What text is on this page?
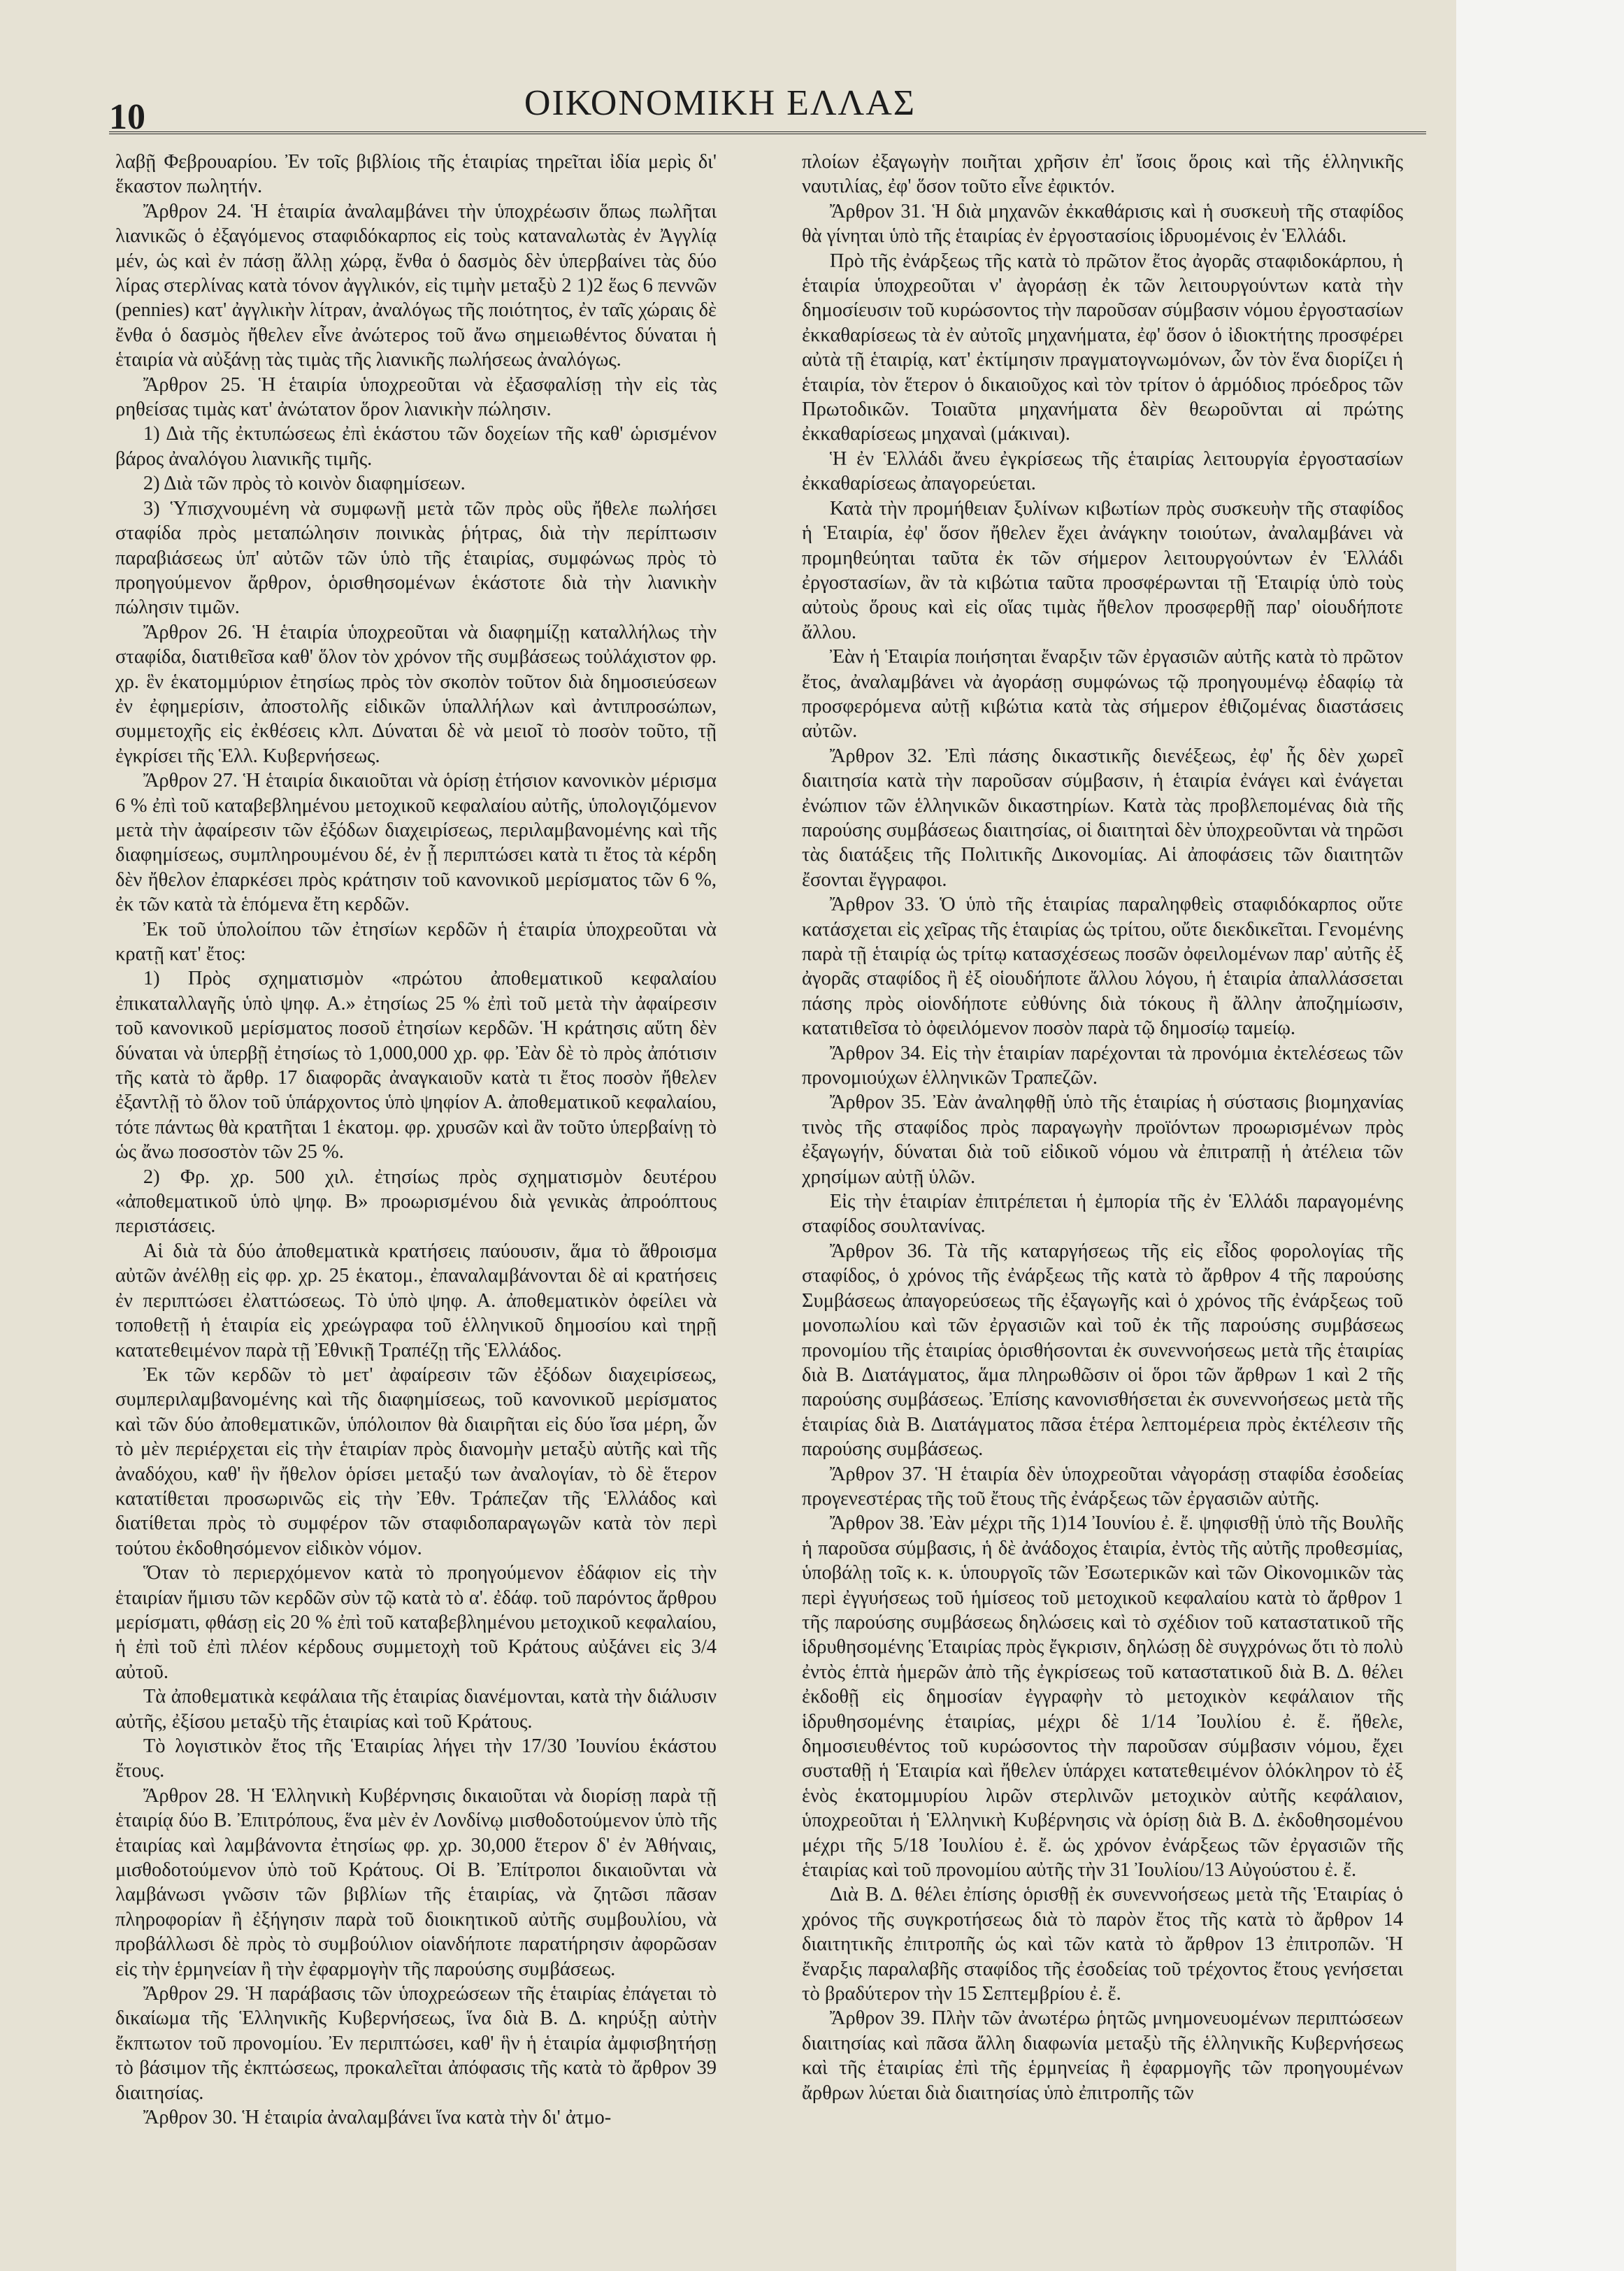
10	ΟΙΚΟΝΟΜΙΚΗ ΕΛΛΑΣ

λαβῇ Φεβρουαρίου. Ἐν τοῖς βιβλίοις τῆς ἑταιρίας τηρεῖται ἰδία μερὶς δι' ἕκαστον πωλητήν.

Ἄρθρον 24. Ἡ ἑταιρία ἀναλαμβάνει τὴν ὑποχρέωσιν ὅπως πωλῆται λιανικῶς ὁ ἐξαγόμενος σταφιδόκαρπος εἰς τοὺς καταναλωτὰς ἐν Ἀγγλίᾳ μέν, ὡς καὶ ἐν πάσῃ ἄλλῃ χώρᾳ, ἔνθα ὁ δασμὸς δὲν ὑπερβαίνει τὰς δύο λίρας στερλίνας κατὰ τόνον ἀγγλικόν, εἰς τιμὴν μεταξὺ 2 1)2 ἕως 6 πεννῶν (pennies) κατ' ἀγγλικὴν λίτραν, ἀναλόγως τῆς ποιότητος, ἐν ταῖς χώραις δὲ ἔνθα ὁ δασμὸς ἤθελεν εἶνε ἀνώτερος τοῦ ἄνω σημειωθέντος δύναται ἡ ἑταιρία νὰ αὐξάνῃ τὰς τιμὰς τῆς λιανικῆς πωλήσεως ἀναλόγως.

Ἄρθρον 25. Ἡ ἑταιρία ὑποχρεοῦται νὰ ἐξασφαλίσῃ τὴν εἰς τὰς ρηθείσας τιμὰς κατ' ἀνώτατον ὅρον λιανικὴν πώλησιν.

1) Διὰ τῆς ἐκτυπώσεως ἐπὶ ἑκάστου τῶν δοχείων τῆς καθ' ὡρισμένον βάρος ἀναλόγου λιανικῆς τιμῆς.

2) Διὰ τῶν πρὸς τὸ κοινὸν διαφημίσεων.

3) Ὑπισχνουμένη νὰ συμφωνῇ μετὰ τῶν πρὸς οὓς ἤθελε πωλήσει σταφίδα πρὸς μεταπώλησιν ποινικὰς ῥήτρας, διὰ τὴν περίπτωσιν παραβιάσεως ὑπ' αὐτῶν τῶν ὑπὸ τῆς ἑταιρίας, συμφώνως πρὸς τὸ προηγούμενον ἄρθρον, ὁρισθησομένων ἑκάστοτε διὰ τὴν λιανικὴν πώλησιν τιμῶν.

Ἄρθρον 26. Ἡ ἑταιρία ὑποχρεοῦται νὰ διαφημίζῃ καταλλήλως τὴν σταφίδα, διατιθεῖσα καθ' ὅλον τὸν χρόνον τῆς συμβάσεως τοὐλάχιστον φρ. χρ. ἓν ἑκατομμύριον ἐτησίως πρὸς τὸν σκοπὸν τοῦτον διὰ δημοσιεύσεων ἐν ἐφημερίσιν, ἀποστολῆς εἰδικῶν ὑπαλλήλων καὶ ἀντιπροσώπων, συμμετοχῆς εἰς ἐκθέσεις κλπ. Δύναται δὲ νὰ μειοῖ τὸ ποσὸν τοῦτο, τῇ ἐγκρίσει τῆς Ἑλλ. Κυβερνήσεως.

Ἄρθρον 27. Ἡ ἑταιρία δικαιοῦται νὰ ὁρίσῃ ἐτήσιον κανονικὸν μέρισμα 6 % ἐπὶ τοῦ καταβεβλημένου μετοχικοῦ κεφαλαίου αὐτῆς, ὑπολογιζόμενον μετὰ τὴν ἀφαίρεσιν τῶν ἐξόδων διαχειρίσεως, περιλαμβανομένης καὶ τῆς διαφημίσεως, συμπληρουμένου δέ, ἐν ᾗ περιπτώσει κατὰ τι ἔτος τὰ κέρδη δὲν ἤθελον ἐπαρκέσει πρὸς κράτησιν τοῦ κανονικοῦ μερίσματος τῶν 6 %, ἐκ τῶν κατὰ τὰ ἑπόμενα ἔτη κερδῶν.

Ἐκ τοῦ ὑπολοίπου τῶν ἐτησίων κερδῶν ἡ ἑταιρία ὑποχρεοῦται νὰ κρατῇ κατ' ἔτος:

1) Πρὸς σχηματισμὸν «πρώτου ἀποθεματικοῦ κεφαλαίου ἐπικαταλλαγῆς ὑπὸ ψηφ. Α.» ἐτησίως 25 % ἐπὶ τοῦ μετὰ τὴν ἀφαίρεσιν τοῦ κανονικοῦ μερίσματος ποσοῦ ἐτησίων κερδῶν. Ἡ κράτησις αὕτη δὲν δύναται νὰ ὑπερβῇ ἐτησίως τὸ 1,000,000 χρ. φρ. Ἐὰν δὲ τὸ πρὸς ἀπότισιν τῆς κατὰ τὸ ἄρθρ. 17 διαφορᾶς ἀναγκαιοῦν κατὰ τι ἔτος ποσὸν ἤθελεν ἐξαντλῇ τὸ ὅλον τοῦ ὑπάρχοντος ὑπὸ ψηφίον Α. ἀποθεματικοῦ κεφαλαίου, τότε πάντως θὰ κρατῆται 1 ἑκατομ. φρ. χρυσῶν καὶ ἂν τοῦτο ὑπερβαίνῃ τὸ ὡς ἄνω ποσοστὸν τῶν 25 %.

2) Φρ. χρ. 500 χιλ. ἐτησίως πρὸς σχηματισμὸν δευτέρου «ἀποθεματικοῦ ὑπὸ ψηφ. Β» προωρισμένου διὰ γενικὰς ἀπροόπτους περιστάσεις.

Αἱ διὰ τὰ δύο ἀποθεματικὰ κρατήσεις παύουσιν, ἅμα τὸ ἄθροισμα αὐτῶν ἀνέλθῃ εἰς φρ. χρ. 25 ἑκατομ., ἐπαναλαμβάνονται δὲ αἱ κρατήσεις ἐν περιπτώσει ἐλαττώσεως. Τὸ ὑπὸ ψηφ. Α. ἀποθεματικὸν ὀφείλει νὰ τοποθετῇ ἡ ἑταιρία εἰς χρεώγραφα τοῦ ἑλληνικοῦ δημοσίου καὶ τηρῇ κατατεθειμένον παρὰ τῇ Ἐθνικῇ Τραπέζῃ τῆς Ἑλλάδος.

Ἐκ τῶν κερδῶν τὸ μετ' ἀφαίρεσιν τῶν ἐξόδων διαχειρίσεως, συμπεριλαμβανομένης καὶ τῆς διαφημίσεως, τοῦ κανονικοῦ μερίσματος καὶ τῶν δύο ἀποθεματικῶν, ὑπόλοιπον θὰ διαιρῆται εἰς δύο ἴσα μέρη, ὧν τὸ μὲν περιέρχεται εἰς τὴν ἑταιρίαν πρὸς διανομὴν μεταξὺ αὐτῆς καὶ τῆς ἀναδόχου, καθ' ἣν ἤθελον ὁρίσει μεταξύ των ἀναλογίαν, τὸ δὲ ἕτερον κατατίθεται προσωρινῶς εἰς τὴν Ἐθν. Τράπεζαν τῆς Ἑλλάδος καὶ διατίθεται πρὸς τὸ συμφέρον τῶν σταφιδοπαραγωγῶν κατὰ τὸν περὶ τούτου ἐκδοθησόμενον εἰδικὸν νόμον.

Ὅταν τὸ περιερχόμενον κατὰ τὸ προηγούμενον ἐδάφιον εἰς τὴν ἑταιρίαν ἥμισυ τῶν κερδῶν σὺν τῷ κατὰ τὸ α'. ἐδάφ. τοῦ παρόντος ἄρθρου μερίσματι, φθάσῃ εἰς 20 % ἐπὶ τοῦ καταβεβλημένου μετοχικοῦ κεφαλαίου, ἡ ἐπὶ τοῦ ἐπὶ πλέον κέρδους συμμετοχὴ τοῦ Κράτους αὐξάνει εἰς 3/4 αὐτοῦ.

Τὰ ἀποθεματικὰ κεφάλαια τῆς ἑταιρίας διανέμονται, κατὰ τὴν διάλυσιν αὐτῆς, ἐξίσου μεταξὺ τῆς ἑταιρίας καὶ τοῦ Κράτους.

Τὸ λογιστικὸν ἔτος τῆς Ἑταιρίας λήγει τὴν 17/30 Ἰουνίου ἑκάστου ἔτους.

Ἄρθρον 28. Ἡ Ἑλληνικὴ Κυβέρνησις δικαιοῦται νὰ διορίσῃ παρὰ τῇ ἑταιρίᾳ δύο Β. Ἐπιτρόπους, ἕνα μὲν ἐν Λονδίνῳ μισθοδοτούμενον ὑπὸ τῆς ἑταιρίας καὶ λαμβάνοντα ἐτησίως φρ. χρ. 30,000 ἕτερον δ' ἐν Ἀθήναις, μισθοδοτούμενον ὑπὸ τοῦ Κράτους. Οἱ Β. Ἐπίτροποι δικαιοῦνται νὰ λαμβάνωσι γνῶσιν τῶν βιβλίων τῆς ἑταιρίας, νὰ ζητῶσι πᾶσαν πληροφορίαν ἢ ἐξήγησιν παρὰ τοῦ διοικητικοῦ αὐτῆς συμβουλίου, νὰ προβάλλωσι δὲ πρὸς τὸ συμβούλιον οἱανδήποτε παρατήρησιν ἀφορῶσαν εἰς τὴν ἑρμηνείαν ἢ τὴν ἐφαρμογὴν τῆς παρούσης συμβάσεως.

Ἄρθρον 29. Ἡ παράβασις τῶν ὑποχρεώσεων τῆς ἑταιρίας ἐπάγεται τὸ δικαίωμα τῆς Ἑλληνικῆς Κυβερνήσεως, ἵνα διὰ Β. Δ. κηρύξῃ αὐτὴν ἔκπτωτον τοῦ προνομίου. Ἐν περιπτώσει, καθ' ἣν ἡ ἑταιρία ἀμφισβητήσῃ τὸ βάσιμον τῆς ἐκπτώσεως, προκαλεῖται ἀπόφασις τῆς κατὰ τὸ ἄρθρον 39 διαιτησίας.

Ἄρθρον 30. Ἡ ἑταιρία ἀναλαμβάνει ἵνα κατὰ τὴν δι' ἀτμο-

πλοίων ἐξαγωγὴν ποιῆται χρῆσιν ἐπ' ἴσοις ὅροις καὶ τῆς ἑλληνικῆς ναυτιλίας, ἐφ' ὅσον τοῦτο εἶνε ἐφικτόν.

Ἄρθρον 31. Ἡ διὰ μηχανῶν ἐκκαθάρισις καὶ ἡ συσκευὴ τῆς σταφίδος θὰ γίνηται ὑπὸ τῆς ἑταιρίας ἐν ἐργοστασίοις ἱδρυομένοις ἐν Ἑλλάδι.

Πρὸ τῆς ἐνάρξεως τῆς κατὰ τὸ πρῶτον ἔτος ἀγορᾶς σταφιδοκάρπου, ἡ ἑταιρία ὑποχρεοῦται ν' ἀγοράσῃ ἐκ τῶν λειτουργούντων κατὰ τὴν δημοσίευσιν τοῦ κυρώσοντος τὴν παροῦσαν σύμβασιν νόμου ἐργοστασίων ἐκκαθαρίσεως τὰ ἐν αὐτοῖς μηχανήματα, ἐφ' ὅσον ὁ ἰδιοκτήτης προσφέρει αὐτὰ τῇ ἑταιρίᾳ, κατ' ἐκτίμησιν πραγματογνωμόνων, ὧν τὸν ἕνα διορίζει ἡ ἑταιρία, τὸν ἕτερον ὁ δικαιοῦχος καὶ τὸν τρίτον ὁ ἁρμόδιος πρόεδρος τῶν Πρωτοδικῶν. Τοιαῦτα μηχανήματα δὲν θεωροῦνται αἱ πρώτης ἐκκαθαρίσεως μηχαναὶ (μάκιναι).

Ἡ ἐν Ἑλλάδι ἄνευ ἐγκρίσεως τῆς ἑταιρίας λειτουργία ἐργοστασίων ἐκκαθαρίσεως ἀπαγορεύεται.

Κατὰ τὴν προμήθειαν ξυλίνων κιβωτίων πρὸς συσκευὴν τῆς σταφίδος ἡ Ἑταιρία, ἐφ' ὅσον ἤθελεν ἔχει ἀνάγκην τοιούτων, ἀναλαμβάνει νὰ προμηθεύηται ταῦτα ἐκ τῶν σήμερον λειτουργούντων ἐν Ἑλλάδι ἐργοστασίων, ἂν τὰ κιβώτια ταῦτα προσφέρωνται τῇ Ἑταιρίᾳ ὑπὸ τοὺς αὐτοὺς ὅρους καὶ εἰς οἵας τιμὰς ἤθελον προσφερθῇ παρ' οἱουδήποτε ἄλλου.

Ἐὰν ἡ Ἑταιρία ποιήσηται ἔναρξιν τῶν ἐργασιῶν αὐτῆς κατὰ τὸ πρῶτον ἔτος, ἀναλαμβάνει νὰ ἀγοράσῃ συμφώνως τῷ προηγουμένῳ ἐδαφίῳ τὰ προσφερόμενα αὐτῇ κιβώτια κατὰ τὰς σήμερον ἐθιζομένας διαστάσεις αὐτῶν.

Ἄρθρον 32. Ἐπὶ πάσης δικαστικῆς διενέξεως, ἐφ' ἧς δὲν χωρεῖ διαιτησία κατὰ τὴν παροῦσαν σύμβασιν, ἡ ἑταιρία ἐνάγει καὶ ἐνάγεται ἐνώπιον τῶν ἑλληνικῶν δικαστηρίων. Κατὰ τὰς προβλεπομένας διὰ τῆς παρούσης συμβάσεως διαιτησίας, οἱ διαιτηταὶ δὲν ὑποχρεοῦνται νὰ τηρῶσι τὰς διατάξεις τῆς Πολιτικῆς Δικονομίας. Αἱ ἀποφάσεις τῶν διαιτητῶν ἔσονται ἔγγραφοι.

Ἄρθρον 33. Ὁ ὑπὸ τῆς ἑταιρίας παραληφθεὶς σταφιδόκαρπος οὔτε κατάσχεται εἰς χεῖρας τῆς ἑταιρίας ὡς τρίτου, οὔτε διεκδικεῖται. Γενομένης παρὰ τῇ ἑταιρίᾳ ὡς τρίτῳ κατασχέσεως ποσῶν ὀφειλομένων παρ' αὐτῆς ἐξ ἀγορᾶς σταφίδος ἢ ἐξ οἱουδήποτε ἄλλου λόγου, ἡ ἑταιρία ἀπαλλάσσεται πάσης πρὸς οἱονδήποτε εὐθύνης διὰ τόκους ἢ ἄλλην ἀποζημίωσιν, κατατιθεῖσα τὸ ὀφειλόμενον ποσὸν παρὰ τῷ δημοσίῳ ταμείῳ.

Ἄρθρον 34. Εἰς τὴν ἑταιρίαν παρέχονται τὰ προνόμια ἐκτελέσεως τῶν προνομιούχων ἑλληνικῶν Τραπεζῶν.

Ἄρθρον 35. Ἐὰν ἀναληφθῇ ὑπὸ τῆς ἑταιρίας ἡ σύστασις βιομηχανίας τινὸς τῆς σταφίδος πρὸς παραγωγὴν προϊόντων προωρισμένων πρὸς ἐξαγωγήν, δύναται διὰ τοῦ εἰδικοῦ νόμου νὰ ἐπιτραπῇ ἡ ἀτέλεια τῶν χρησίμων αὐτῇ ὑλῶν.

Εἰς τὴν ἑταιρίαν ἐπιτρέπεται ἡ ἐμπορία τῆς ἐν Ἑλλάδι παραγομένης σταφίδος σουλτανίνας.

Ἄρθρον 36. Τὰ τῆς καταργήσεως τῆς εἰς εἶδος φορολογίας τῆς σταφίδος, ὁ χρόνος τῆς ἐνάρξεως τῆς κατὰ τὸ ἄρθρον 4 τῆς παρούσης Συμβάσεως ἀπαγορεύσεως τῆς ἐξαγωγῆς καὶ ὁ χρόνος τῆς ἐνάρξεως τοῦ μονοπωλίου καὶ τῶν ἐργασιῶν καὶ τοῦ ἐκ τῆς παρούσης συμβάσεως προνομίου τῆς ἑταιρίας ὁρισθήσονται ἐκ συνεννοήσεως μετὰ τῆς ἑταιρίας διὰ Β. Διατάγματος, ἅμα πληρωθῶσιν οἱ ὅροι τῶν ἄρθρων 1 καὶ 2 τῆς παρούσης συμβάσεως. Ἐπίσης κανονισθήσεται ἐκ συνεννοήσεως μετὰ τῆς ἑταιρίας διὰ Β. Διατάγματος πᾶσα ἑτέρα λεπτομέρεια πρὸς ἐκτέλεσιν τῆς παρούσης συμβάσεως.

Ἄρθρον 37. Ἡ ἑταιρία δὲν ὑποχρεοῦται νἀγοράσῃ σταφίδα ἐσοδείας προγενεστέρας τῆς τοῦ ἔτους τῆς ἐνάρξεως τῶν ἐργασιῶν αὐτῆς.

Ἄρθρον 38. Ἐὰν μέχρι τῆς 1)14 Ἰουνίου ἐ. ἔ. ψηφισθῇ ὑπὸ τῆς Βουλῆς ἡ παροῦσα σύμβασις, ἡ δὲ ἀνάδοχος ἑταιρία, ἐντὸς τῆς αὐτῆς προθεσμίας, ὑποβάλῃ τοῖς κ. κ. ὑπουργοῖς τῶν Ἐσωτερικῶν καὶ τῶν Οἰκονομικῶν τὰς περὶ ἐγγυήσεως τοῦ ἡμίσεος τοῦ μετοχικοῦ κεφαλαίου κατὰ τὸ ἄρθρον 1 τῆς παρούσης συμβάσεως δηλώσεις καὶ τὸ σχέδιον τοῦ καταστατικοῦ τῆς ἱδρυθησομένης Ἑταιρίας πρὸς ἔγκρισιν, δηλώσῃ δὲ συγχρόνως ὅτι τὸ πολὺ ἐντὸς ἑπτὰ ἡμερῶν ἀπὸ τῆς ἐγκρίσεως τοῦ καταστατικοῦ διὰ Β. Δ. θέλει ἐκδοθῇ εἰς δημοσίαν ἐγγραφὴν τὸ μετοχικὸν κεφάλαιον τῆς ἱδρυθησομένης ἑταιρίας, μέχρι δὲ 1/14 Ἰουλίου ἐ. ἔ. ἤθελε, δημοσιευθέντος τοῦ κυρώσοντος τὴν παροῦσαν σύμβασιν νόμου, ἔχει συσταθῇ ἡ Ἑταιρία καὶ ἤθελεν ὑπάρχει κατατεθειμένον ὁλόκληρον τὸ ἐξ ἑνὸς ἑκατομμυρίου λιρῶν στερλινῶν μετοχικὸν αὐτῆς κεφάλαιον, ὑποχρεοῦται ἡ Ἑλληνικὴ Κυβέρνησις νὰ ὁρίσῃ διὰ Β. Δ. ἐκδοθησομένου μέχρι τῆς 5/18 Ἰουλίου ἐ. ἔ. ὡς χρόνον ἐνάρξεως τῶν ἐργασιῶν τῆς ἑταιρίας καὶ τοῦ προνομίου αὐτῆς τὴν 31 Ἰουλίου/13 Αὐγούστου ἐ. ἔ.

Διὰ Β. Δ. θέλει ἐπίσης ὁρισθῇ ἐκ συνεννοήσεως μετὰ τῆς Ἑταιρίας ὁ χρόνος τῆς συγκροτήσεως διὰ τὸ παρὸν ἔτος τῆς κατὰ τὸ ἄρθρον 14 διαιτητικῆς ἐπιτροπῆς ὡς καὶ τῶν κατὰ τὸ ἄρθρον 13 ἐπιτροπῶν. Ἡ ἔναρξις παραλαβῆς σταφίδος τῆς ἐσοδείας τοῦ τρέχοντος ἔτους γενήσεται τὸ βραδύτερον τὴν 15 Σεπτεμβρίου ἐ. ἔ.

Ἄρθρον 39. Πλὴν τῶν ἀνωτέρω ῥητῶς μνημονευομένων περιπτώσεων διαιτησίας καὶ πᾶσα ἄλλη διαφωνία μεταξὺ τῆς ἑλληνικῆς Κυβερνήσεως καὶ τῆς ἑταιρίας ἐπὶ τῆς ἑρμηνείας ἢ ἐφαρμογῆς τῶν προηγουμένων ἄρθρων λύεται διὰ διαιτησίας ὑπὸ ἐπιτροπῆς τῶν
